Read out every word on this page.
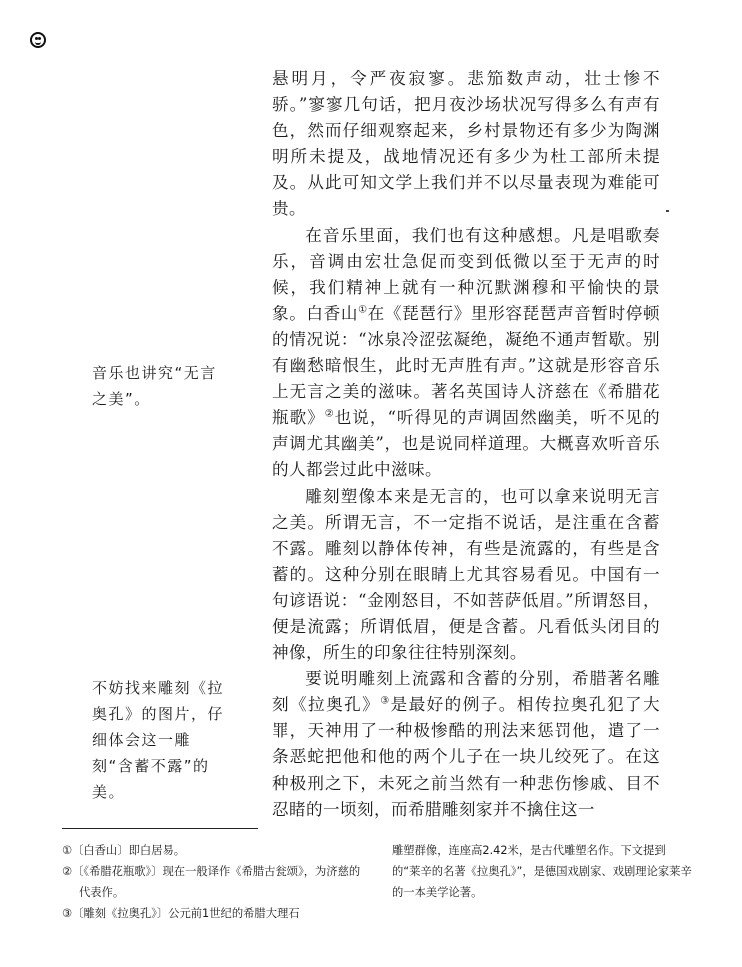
悬明月，令严夜寂寥。悲笳数声动，壮士惨不骄。”寥寥几句话，把月夜沙场状况写得多么有声有色，然而仔细观察起来，乡村景物还有多少为陶渊明所未提及，战地情况还有多少为杜工部所未提及。从此可知文学上我们并不以尽量表现为难能可贵。

在音乐里面，我们也有这种感想。凡是唱歌奏乐，音调由宏壮急促而变到低微以至于无声的时候，我们精神上就有一种沉默渊穆和平愉快的景象。白香山①在《琵琶行》里形容琵琶声音暂时停顿的情况说：“冰泉冷涩弦凝绝，凝绝不通声暂歇。别有幽愁暗恨生，此时无声胜有声。”这就是形容音乐上无言之美的滋味。著名英国诗人济慈在《希腊花瓶歌》②也说，“听得见的声调固然幽美，听不见的声调尤其幽美”，也是说同样道理。大概喜欢听音乐的人都尝过此中滋味。

雕刻塑像本来是无言的，也可以拿来说明无言之美。所谓无言，不一定指不说话，是注重在含蓄不露。雕刻以静体传神，有些是流露的，有些是含蓄的。这种分别在眼睛上尤其容易看见。中国有一句谚语说：“金刚怒目，不如菩萨低眉。”所谓怒目，便是流露；所谓低眉，便是含蓄。凡看低头闭目的神像，所生的印象往往特别深刻。

要说明雕刻上流露和含蓄的分别，希腊著名雕刻《拉奥孔》③是最好的例子。相传拉奥孔犯了大罪，天神用了一种极惨酷的刑法来惩罚他，遣了一条恶蛇把他和他的两个儿子在一块儿绞死了。在这种极刑之下，未死之前当然有一种悲伤惨戚、目不忍睹的一顷刻，而希腊雕刻家并不擒住这一

音乐也讲究“无言之美”。
不妨找来雕刻《拉奥孔》的图片，仔细体会这一雕刻“含蓄不露”的美。

①〔白香山〕即白居易。

②〔《希腊花瓶歌》〕现在一般译作《希腊古瓮颂》，为济慈的代表作。

③〔雕刻《拉奥孔》〕公元前1世纪的希腊大理石

雕塑群像，连座高2.42米，是古代雕塑名作。下文提到的“莱辛的名著《拉奥孔》”，是德国戏剧家、戏剧理论家莱辛的一本美学论著。
